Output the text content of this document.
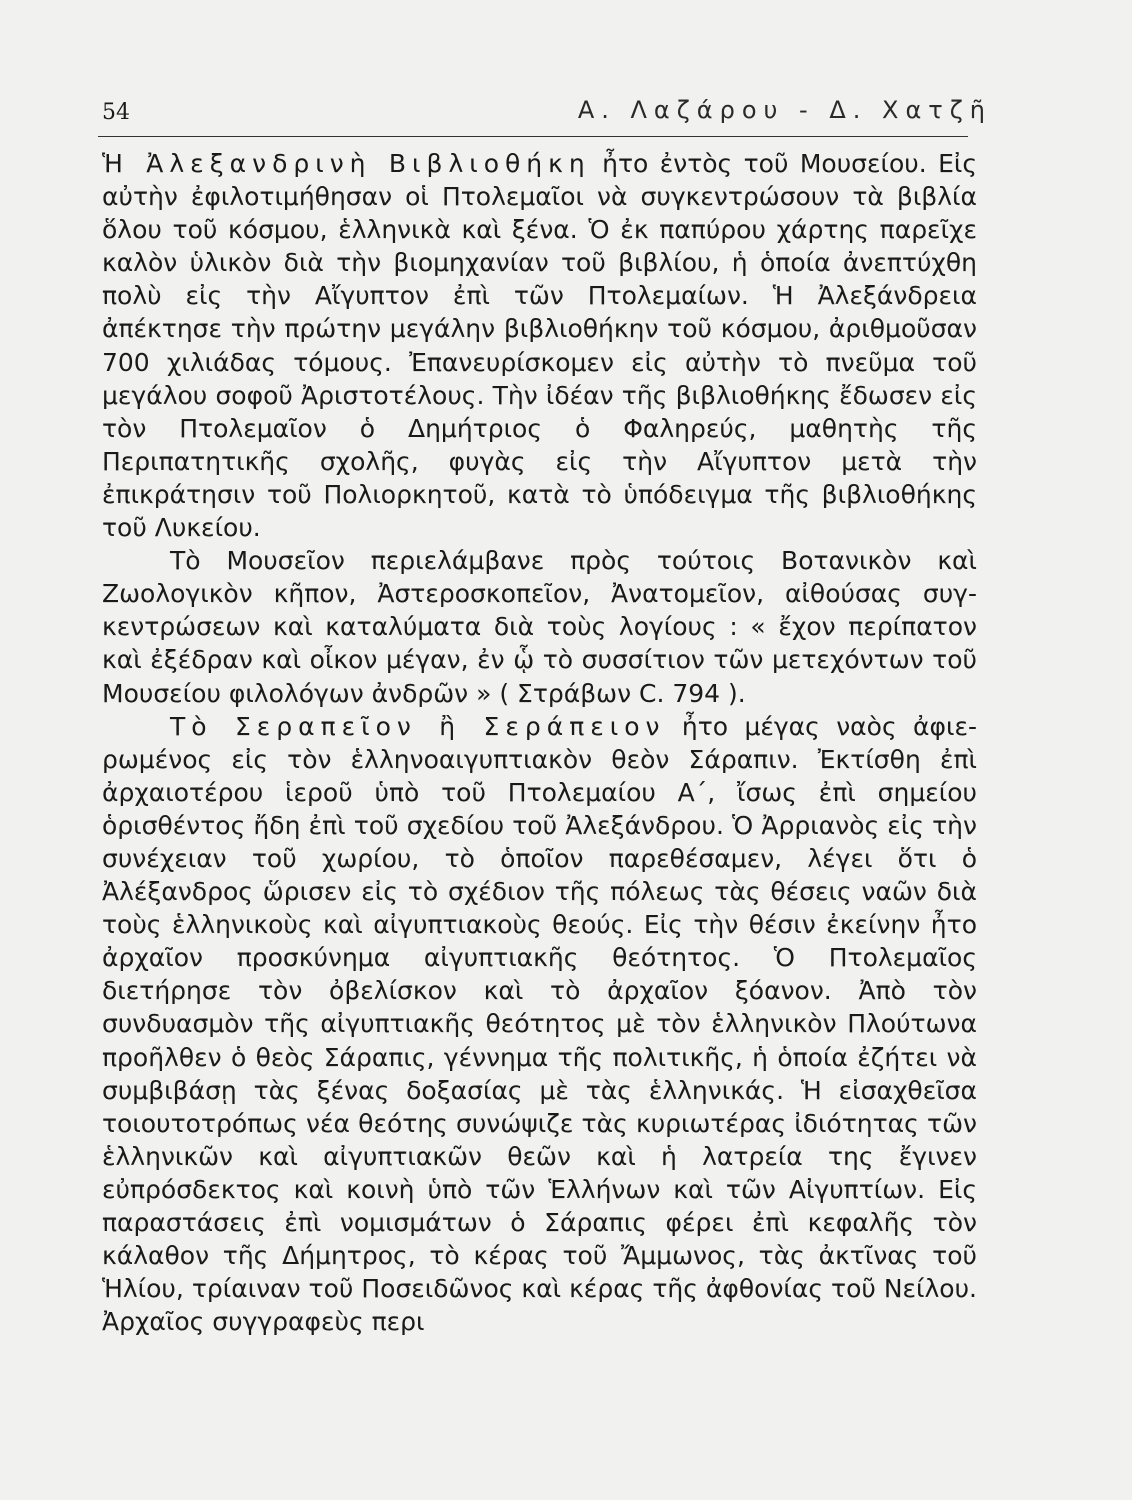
54	Α. Λαζάρου - Δ. Χατζῆ

Ἡ Ἀλεξανδρινὴ Βιβλιοθήκη ἦτο ἐντὸς τοῦ Μουσείου. Εἰς αὐτὴν ἐφιλοτιμήθησαν οἱ Πτολεμαῖοι νὰ συγκεντρώσουν τὰ βιβλία ὅλου τοῦ κόσμου, ἑλληνικὰ καὶ ξένα. Ὁ ἐκ παπύρου χάρτης παρεῖχε καλὸν ὑλικὸν διὰ τὴν βιομηχανίαν τοῦ βιβλίου, ἡ ὁποία ἀνεπτύχθη πολὺ εἰς τὴν Αἴγυπτον ἐπὶ τῶν Πτολεμαίων. Ἡ Ἀλεξάνδρεια ἀπέκτησε τὴν πρώτην μεγάλην βιβλιοθήκην τοῦ κόσμου, ἀριθμοῦσαν 700 χιλιάδας τόμους. Ἐπανευρίσκομεν εἰς αὐτὴν τὸ πνεῦμα τοῦ μεγάλου σοφοῦ Ἀριστοτέλους. Τὴν ἰδέαν τῆς βιβλιοθήκης ἔδωσεν εἰς τὸν Πτολεμαῖον ὁ Δημήτριος ὁ Φαληρεύς, μαθητὴς τῆς Περιπατητικῆς σχολῆς, φυγὰς εἰς τὴν Αἴγυπτον μετὰ τὴν ἐπικράτησιν τοῦ Πολιορκητοῦ, κατὰ τὸ ὑπόδειγμα τῆς βιβλιοθήκης τοῦ Λυκείου.

Τὸ Μουσεῖον περιελάμβανε πρὸς τούτοις Βοτανικὸν καὶ Ζωολογικὸν κῆπον, Ἀστεροσκοπεῖον, Ἀνατομεῖον, αἰθούσας συγκεντρώσεων καὶ καταλύματα διὰ τοὺς λογίους : « ἔχον περίπατον καὶ ἐξέδραν καὶ οἶκον μέγαν, ἐν ᾧ τὸ συσσίτιον τῶν μετεχόντων τοῦ Μουσείου φιλολόγων ἀνδρῶν » ( Στράβων C. 794 ).

Τὸ Σεραπεῖον ἢ Σεράπειον ἦτο μέγας ναὸς ἀφιερωμένος εἰς τὸν ἑλληνοαιγυπτιακὸν θεὸν Σάραπιν. Ἐκτίσθη ἐπὶ ἀρχαιοτέρου ἱεροῦ ὑπὸ τοῦ Πτολεμαίου Α΄, ἴσως ἐπὶ σημείου ὁρισθέντος ἤδη ἐπὶ τοῦ σχεδίου τοῦ Ἀλεξάνδρου. Ὁ Ἀρριανὸς εἰς τὴν συνέχειαν τοῦ χωρίου, τὸ ὁποῖον παρεθέσαμεν, λέγει ὅτι ὁ Ἀλέξανδρος ὥρισεν εἰς τὸ σχέδιον τῆς πόλεως τὰς θέσεις ναῶν διὰ τοὺς ἑλληνικοὺς καὶ αἰγυπτιακοὺς θεούς. Εἰς τὴν θέσιν ἐκείνην ἦτο ἀρχαῖον προσκύνημα αἰγυπτιακῆς θεότητος. Ὁ Πτολεμαῖος διετήρησε τὸν ὀβελίσκον καὶ τὸ ἀρχαῖον ξόανον. Ἀπὸ τὸν συνδυασμὸν τῆς αἰγυπτιακῆς θεότητος μὲ τὸν ἑλληνικὸν Πλούτωνα προῆλθεν ὁ θεὸς Σάραπις, γέννημα τῆς πολιτικῆς, ἡ ὁποία ἐζήτει νὰ συμβιβάσῃ τὰς ξένας δοξασίας μὲ τὰς ἑλληνικάς. Ἡ εἰσαχθεῖσα τοιουτοτρόπως νέα θεότης συνώψιζε τὰς κυριωτέρας ἰδιότητας τῶν ἑλληνικῶν καὶ αἰγυπτιακῶν θεῶν καὶ ἡ λατρεία της ἔγινεν εὐπρόσδεκτος καὶ κοινὴ ὑπὸ τῶν Ἑλλήνων καὶ τῶν Αἰγυπτίων. Εἰς παραστάσεις ἐπὶ νομισμάτων ὁ Σάραπις φέρει ἐπὶ κεφαλῆς τὸν κάλαθον τῆς Δήμητρος, τὸ κέρας τοῦ Ἄμμωνος, τὰς ἀκτῖνας τοῦ Ἡλίου, τρίαιναν τοῦ Ποσειδῶνος καὶ κέρας τῆς ἀφθονίας τοῦ Νείλου. Ἀρχαῖος συγγραφεὺς περι
